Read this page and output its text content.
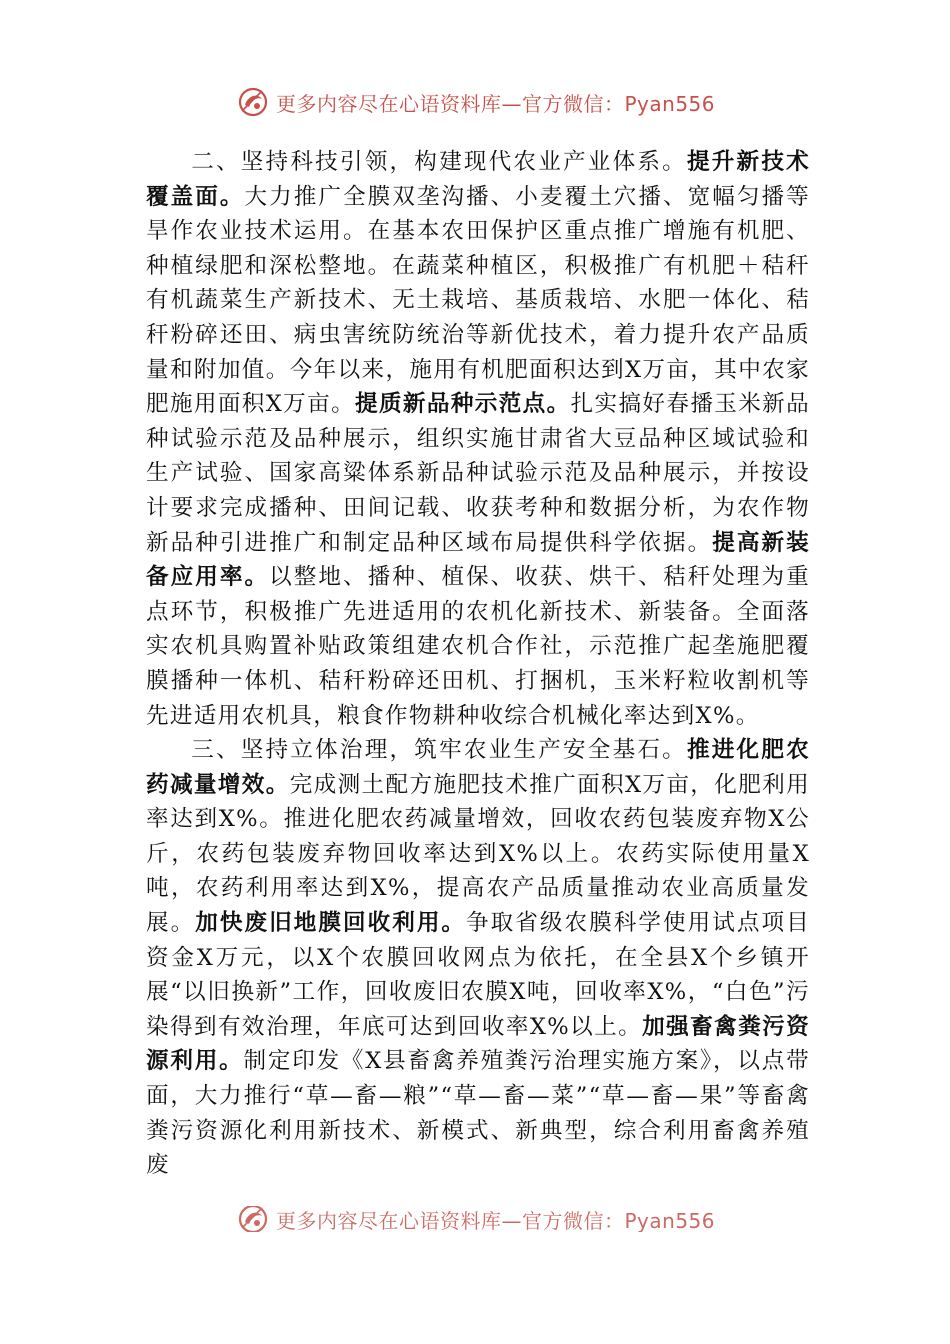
更多内容尽在心语资料库—官方微信：Pyan556

二、坚持科技引领，构建现代农业产业体系。提升新技术覆盖面。大力推广全膜双垄沟播、小麦覆土穴播、宽幅匀播等旱作农业技术运用。在基本农田保护区重点推广增施有机肥、种植绿肥和深松整地。在蔬菜种植区，积极推广有机肥＋秸秆有机蔬菜生产新技术、无土栽培、基质栽培、水肥一体化、秸秆粉碎还田、病虫害统防统治等新优技术，着力提升农产品质量和附加值。今年以来，施用有机肥面积达到X万亩，其中农家肥施用面积X万亩。提质新品种示范点。扎实搞好春播玉米新品种试验示范及品种展示，组织实施甘肃省大豆品种区域试验和生产试验、国家高粱体系新品种试验示范及品种展示，并按设计要求完成播种、田间记载、收获考种和数据分析，为农作物新品种引进推广和制定品种区域布局提供科学依据。提高新装备应用率。以整地、播种、植保、收获、烘干、秸秆处理为重点环节，积极推广先进适用的农机化新技术、新装备。全面落实农机具购置补贴政策组建农机合作社，示范推广起垄施肥覆膜播种一体机、秸秆粉碎还田机、打捆机，玉米籽粒收割机等先进适用农机具，粮食作物耕种收综合机械化率达到X%。

三、坚持立体治理，筑牢农业生产安全基石。推进化肥农药减量增效。完成测土配方施肥技术推广面积X万亩，化肥利用率达到X%。推进化肥农药减量增效，回收农药包装废弃物X公斤，农药包装废弃物回收率达到X%以上。农药实际使用量X吨，农药利用率达到X%，提高农产品质量推动农业高质量发展。加快废旧地膜回收利用。争取省级农膜科学使用试点项目资金X万元，以X个农膜回收网点为依托，在全县X个乡镇开展“以旧换新”工作，回收废旧农膜X吨，回收率X%，“白色”污染得到有效治理，年底可达到回收率X%以上。加强畜禽粪污资源利用。制定印发《X县畜禽养殖粪污治理实施方案》，以点带面，大力推行“草—畜—粮”“草—畜—菜”“草—畜—果”等畜禽粪污资源化利用新技术、新模式、新典型，综合利用畜禽养殖废

更多内容尽在心语资料库—官方微信：Pyan556
